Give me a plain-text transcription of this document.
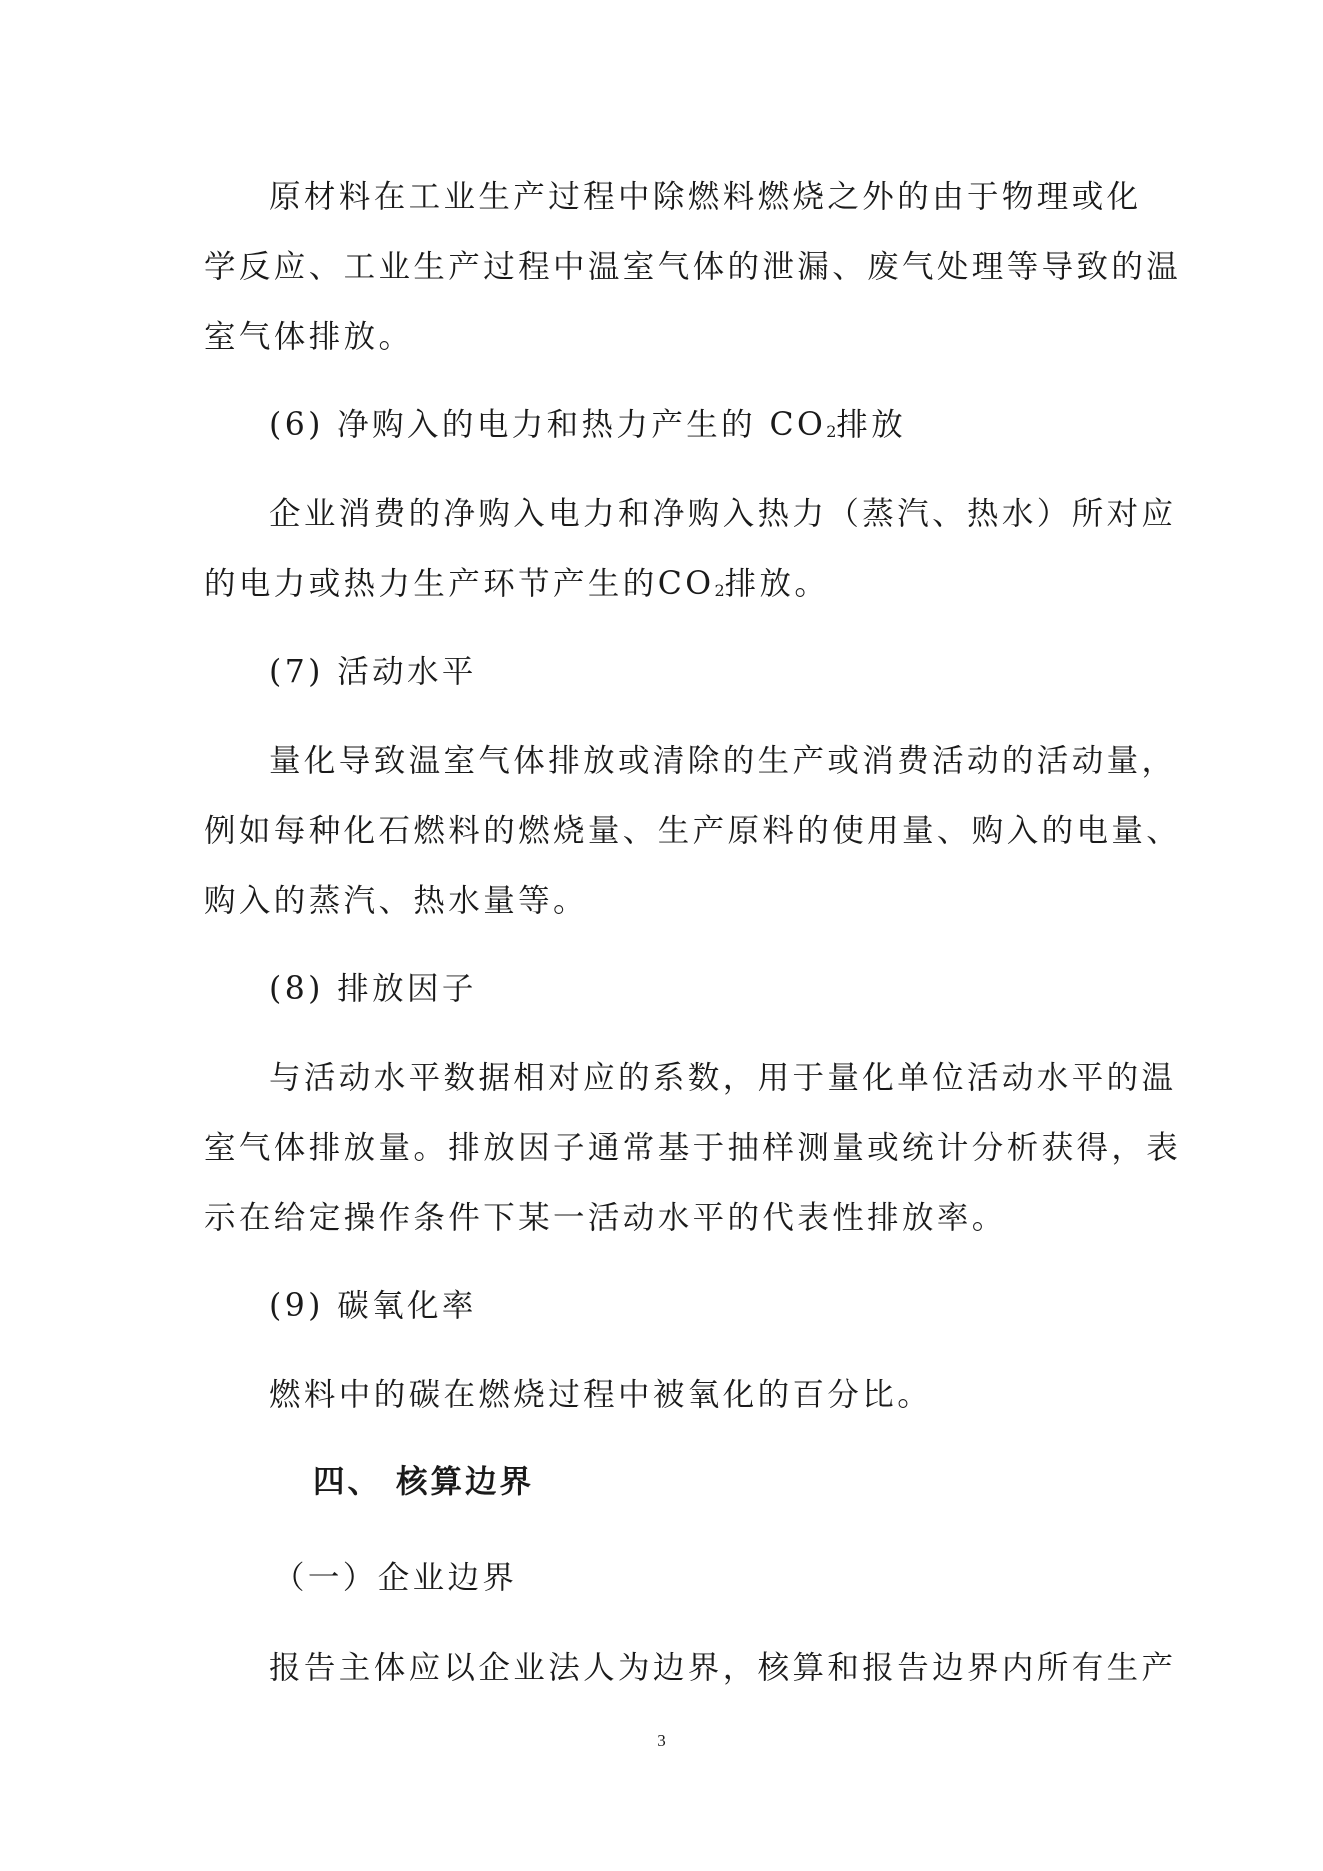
原材料在工业生产过程中除燃料燃烧之外的由于物理或化
学反应、工业生产过程中温室气体的泄漏、废气处理等导致的温
室气体排放。
(6) 净购入的电力和热力产生的 $CO_2$排放
企业消费的净购入电力和净购入热力（蒸汽、热水）所对应
的电力或热力生产环节产生的$CO_2$排放。
(7) 活动水平
量化导致温室气体排放或清除的生产或消费活动的活动量，
例如每种化石燃料的燃烧量、生产原料的使用量、购入的电量、
购入的蒸汽、热水量等。
(8) 排放因子
与活动水平数据相对应的系数，用于量化单位活动水平的温
室气体排放量。排放因子通常基于抽样测量或统计分析获得，表
示在给定操作条件下某一活动水平的代表性排放率。
(9) 碳氧化率
燃料中的碳在燃烧过程中被氧化的百分比。
四、 核算边界
（一）企业边界
报告主体应以企业法人为边界，核算和报告边界内所有生产
3
